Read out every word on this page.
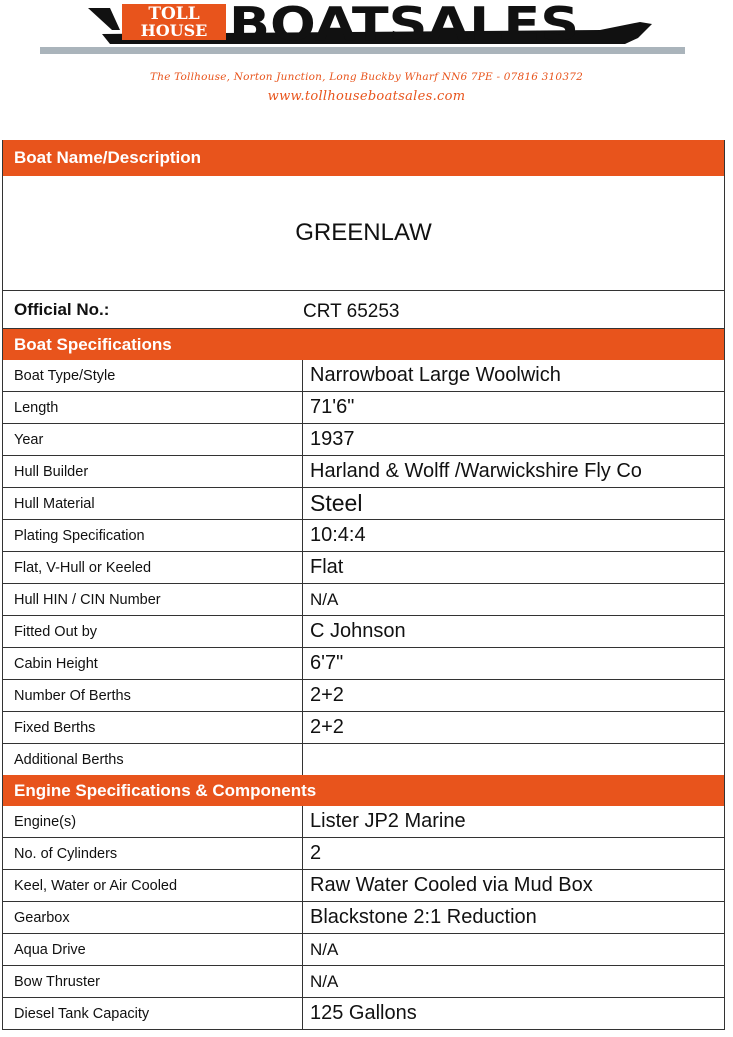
TOLL
HOUSE BOATSALES
The Tollhouse, Norton Junction, Long Buckby Wharf NN6 7PE - 07816 310372
www.tollhouseboatsales.com
Boat Name/Description
GREENLAW
Official No.:	CRT 65253
Boat Specifications
Boat Type/Style	Narrowboat Large Woolwich
Length	71'6"
Year	1937
Hull Builder	Harland & Wolff /Warwickshire Fly Co
Hull Material	Steel
Plating Specification	10:4:4
Flat, V-Hull or Keeled	Flat
Hull HIN / CIN Number	N/A
Fitted Out by	C Johnson
Cabin Height	6'7"
Number Of Berths	2+2
Fixed Berths	2+2
Additional Berths
Engine Specifications & Components
Engine(s)	Lister JP2 Marine
No. of Cylinders	2
Keel, Water or Air Cooled	Raw Water Cooled via Mud Box
Gearbox	Blackstone 2:1 Reduction
Aqua Drive	N/A
Bow Thruster	N/A
Diesel Tank Capacity	125 Gallons
